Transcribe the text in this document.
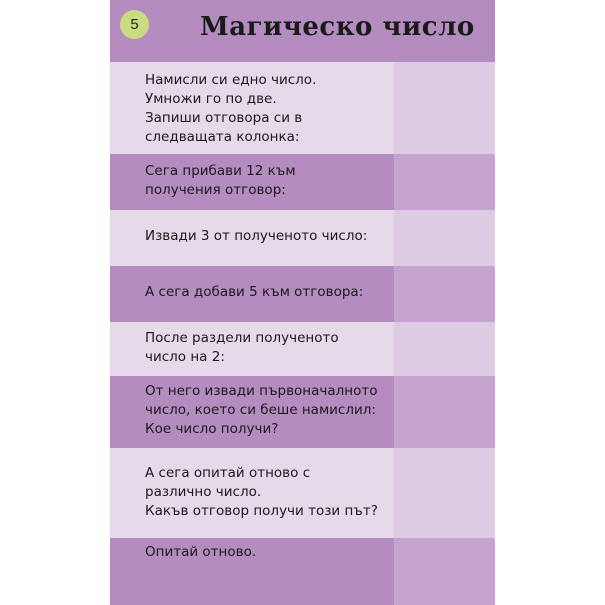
5	Магическо число
Намисли си едно число.
Умножи го по две.
Запиши отговора си в
следващата колонка:
Сега прибави 12 към
получения отговор:
Извади 3 от полученото число:
А сега добави 5 към отговора:
После раздели полученото
число на 2:
От него извади първоначалното
число, което си беше намислил:
Кое число получи?
А сега опитай отново с
различно число.
Какъв отговор получи този път?
Опитай отново.
